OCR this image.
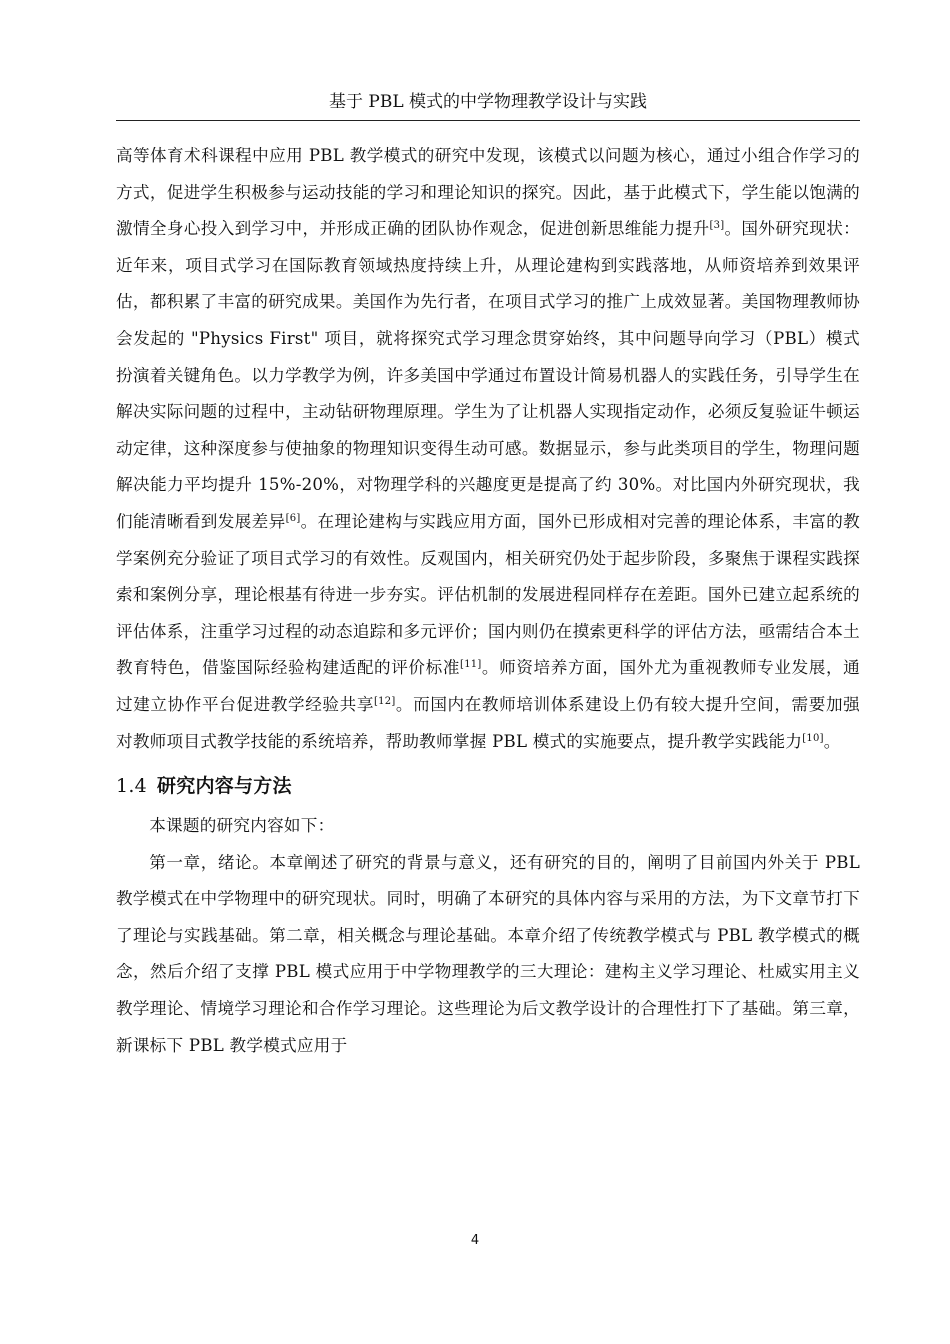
基于 PBL 模式的中学物理教学设计与实践

高等体育术科课程中应用 PBL 教学模式的研究中发现，该模式以问题为核心，通过小组合作学习的方式，促进学生积极参与运动技能的学习和理论知识的探究。因此，基于此模式下，学生能以饱满的激情全身心投入到学习中，并形成正确的团队协作观念，促进创新思维能力提升[3]。国外研究现状：近年来，项目式学习在国际教育领域热度持续上升，从理论建构到实践落地，从师资培养到效果评估，都积累了丰富的研究成果。美国作为先行者，在项目式学习的推广上成效显著。美国物理教师协会发起的 "Physics First" 项目，就将探究式学习理念贯穿始终，其中问题导向学习（PBL）模式扮演着关键角色。以力学教学为例，许多美国中学通过布置设计简易机器人的实践任务，引导学生在解决实际问题的过程中，主动钻研物理原理。学生为了让机器人实现指定动作，必须反复验证牛顿运动定律，这种深度参与使抽象的物理知识变得生动可感。数据显示，参与此类项目的学生，物理问题解决能力平均提升 15%-20%，对物理学科的兴趣度更是提高了约 30%。对比国内外研究现状，我们能清晰看到发展差异[6]。在理论建构与实践应用方面，国外已形成相对完善的理论体系，丰富的教学案例充分验证了项目式学习的有效性。反观国内，相关研究仍处于起步阶段，多聚焦于课程实践探索和案例分享，理论根基有待进一步夯实。评估机制的发展进程同样存在差距。国外已建立起系统的评估体系，注重学习过程的动态追踪和多元评价；国内则仍在摸索更科学的评估方法，亟需结合本土教育特色，借鉴国际经验构建适配的评价标准[11]。师资培养方面，国外尤为重视教师专业发展，通过建立协作平台促进教学经验共享[12]。而国内在教师培训体系建设上仍有较大提升空间，需要加强对教师项目式教学技能的系统培养，帮助教师掌握 PBL 模式的实施要点，提升教学实践能力[10]。

1.4 研究内容与方法

本课题的研究内容如下：

第一章，绪论。本章阐述了研究的背景与意义，还有研究的目的，阐明了目前国内外关于 PBL 教学模式在中学物理中的研究现状。同时，明确了本研究的具体内容与采用的方法，为下文章节打下了理论与实践基础。第二章，相关概念与理论基础。本章介绍了传统教学模式与 PBL 教学模式的概念，然后介绍了支撑 PBL 模式应用于中学物理教学的三大理论：建构主义学习理论、杜威实用主义教学理论、情境学习理论和合作学习理论。这些理论为后文教学设计的合理性打下了基础。第三章，新课标下 PBL 教学模式应用于

4
